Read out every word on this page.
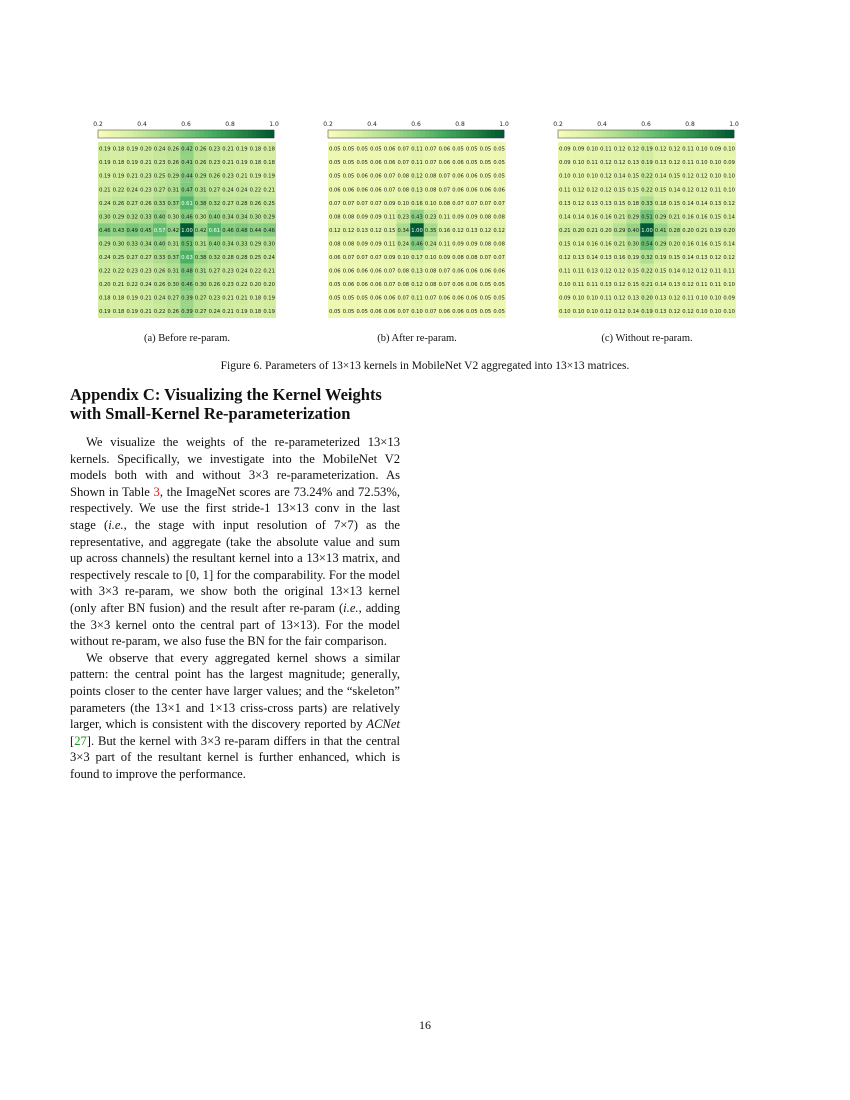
0.2	0.4	0.6	0.8	1.0
0.19 0.18 0.19 0.20 0.24 0.26 0.42 0.26 0.23 0.21 0.19 0.18 0.18
0.19 0.18 0.19 0.21 0.23 0.26 0.41 0.26 0.23 0.21 0.19 0.18 0.18
0.19 0.19 0.21 0.23 0.25 0.29 0.44 0.29 0.26 0.23 0.21 0.19 0.19
0.21 0.22 0.24 0.23 0.27 0.31 0.47 0.31 0.27 0.24 0.24 0.22 0.21
0.24 0.26 0.27 0.26 0.33 0.37 0.61 0.38 0.32 0.27 0.28 0.26 0.25
0.30 0.29 0.32 0.33 0.40 0.30 0.46 0.30 0.40 0.34 0.34 0.30 0.29
0.46 0.43 0.49 0.45 0.57 0.42 1.00 0.42 0.61 0.46 0.48 0.44 0.46
0.29 0.30 0.33 0.34 0.40 0.31 0.51 0.31 0.40 0.34 0.33 0.29 0.30
0.24 0.25 0.27 0.27 0.33 0.37 0.63 0.38 0.32 0.28 0.28 0.25 0.24
0.22 0.22 0.23 0.23 0.26 0.31 0.48 0.31 0.27 0.23 0.24 0.22 0.21
0.20 0.21 0.22 0.24 0.26 0.30 0.46 0.30 0.26 0.23 0.22 0.20 0.20
0.18 0.18 0.19 0.21 0.24 0.27 0.39 0.27 0.23 0.21 0.21 0.18 0.19
0.19 0.18 0.19 0.21 0.22 0.26 0.39 0.27 0.24 0.21 0.19 0.18 0.19
0.2	0.4	0.6	0.8	1.0
0.05 0.05 0.05 0.05 0.06 0.07 0.11 0.07 0.06 0.05 0.05 0.05 0.05
0.05 0.05 0.05 0.06 0.06 0.07 0.11 0.07 0.06 0.06 0.05 0.05 0.05
0.05 0.05 0.06 0.06 0.07 0.08 0.12 0.08 0.07 0.06 0.06 0.05 0.05
0.06 0.06 0.06 0.06 0.07 0.08 0.13 0.08 0.07 0.06 0.06 0.06 0.06
0.07 0.07 0.07 0.07 0.09 0.10 0.16 0.10 0.08 0.07 0.07 0.07 0.07
0.08 0.08 0.09 0.09 0.11 0.23 0.43 0.23 0.11 0.09 0.09 0.08 0.08
0.12 0.12 0.13 0.12 0.15 0.34 1.00 0.35 0.16 0.12 0.13 0.12 0.12
0.08 0.08 0.09 0.09 0.11 0.24 0.46 0.24 0.11 0.09 0.09 0.08 0.08
0.06 0.07 0.07 0.07 0.09 0.10 0.17 0.10 0.09 0.08 0.08 0.07 0.07
0.06 0.06 0.06 0.06 0.07 0.08 0.13 0.08 0.07 0.06 0.06 0.06 0.06
0.05 0.06 0.06 0.06 0.07 0.08 0.12 0.08 0.07 0.06 0.06 0.05 0.05
0.05 0.05 0.05 0.06 0.06 0.07 0.11 0.07 0.06 0.06 0.06 0.05 0.05
0.05 0.05 0.05 0.06 0.06 0.07 0.10 0.07 0.06 0.06 0.05 0.05 0.05
0.2	0.4	0.6	0.8	1.0
0.09 0.09 0.10 0.11 0.12 0.12 0.19 0.12 0.12 0.11 0.10 0.09 0.10
0.09 0.10 0.11 0.12 0.12 0.13 0.19 0.13 0.12 0.11 0.10 0.10 0.09
0.10 0.10 0.10 0.12 0.14 0.15 0.22 0.14 0.15 0.12 0.12 0.10 0.10
0.11 0.12 0.12 0.12 0.15 0.15 0.22 0.15 0.14 0.12 0.12 0.11 0.10
0.13 0.12 0.13 0.13 0.15 0.18 0.33 0.18 0.15 0.14 0.14 0.13 0.12
0.14 0.14 0.16 0.16 0.21 0.29 0.51 0.29 0.21 0.16 0.16 0.15 0.14
0.21 0.20 0.21 0.20 0.29 0.40 1.00 0.41 0.28 0.20 0.21 0.19 0.20
0.15 0.14 0.16 0.16 0.21 0.30 0.54 0.29 0.20 0.16 0.16 0.15 0.14
0.12 0.13 0.14 0.13 0.16 0.19 0.32 0.19 0.15 0.14 0.13 0.12 0.12
0.11 0.11 0.13 0.12 0.12 0.15 0.22 0.15 0.14 0.12 0.12 0.11 0.11
0.10 0.11 0.11 0.13 0.12 0.15 0.21 0.14 0.13 0.12 0.11 0.11 0.10
0.09 0.10 0.10 0.11 0.12 0.13 0.20 0.13 0.12 0.11 0.10 0.10 0.09
0.10 0.10 0.10 0.12 0.12 0.14 0.19 0.13 0.12 0.12 0.10 0.10 0.10
(a) Before re-param.	(b) After re-param.	(c) Without re-param.
Figure 6. Parameters of 13×13 kernels in MobileNet V2 aggregated into 13×13 matrices.
Appendix C: Visualizing the Kernel Weights with Small-Kernel Re-parameterization

We visualize the weights of the re-parameterized 13×13 kernels. Specifically, we investigate into the MobileNet V2 models both with and without 3×3 re-parameterization. As Shown in Table 3, the ImageNet scores are 73.24% and 72.53%, respectively. We use the first stride-1 13×13 conv in the last stage (i.e., the stage with input resolution of 7×7) as the representative, and aggregate (take the absolute value and sum up across channels) the resultant kernel into a 13×13 matrix, and respectively rescale to [0, 1] for the comparability. For the model with 3×3 re-param, we show both the original 13×13 kernel (only after BN fusion) and the result after re-param (i.e., adding the 3×3 kernel onto the central part of 13×13). For the model without re-param, we also fuse the BN for the fair comparison.

We observe that every aggregated kernel shows a similar pattern: the central point has the largest magnitude; generally, points closer to the center have larger values; and the “skeleton” parameters (the 13×1 and 1×13 criss-cross parts) are relatively larger, which is consistent with the discovery reported by ACNet [27]. But the kernel with 3×3 re-param differs in that the central 3×3 part of the resultant kernel is further enhanced, which is found to improve the performance.

16
